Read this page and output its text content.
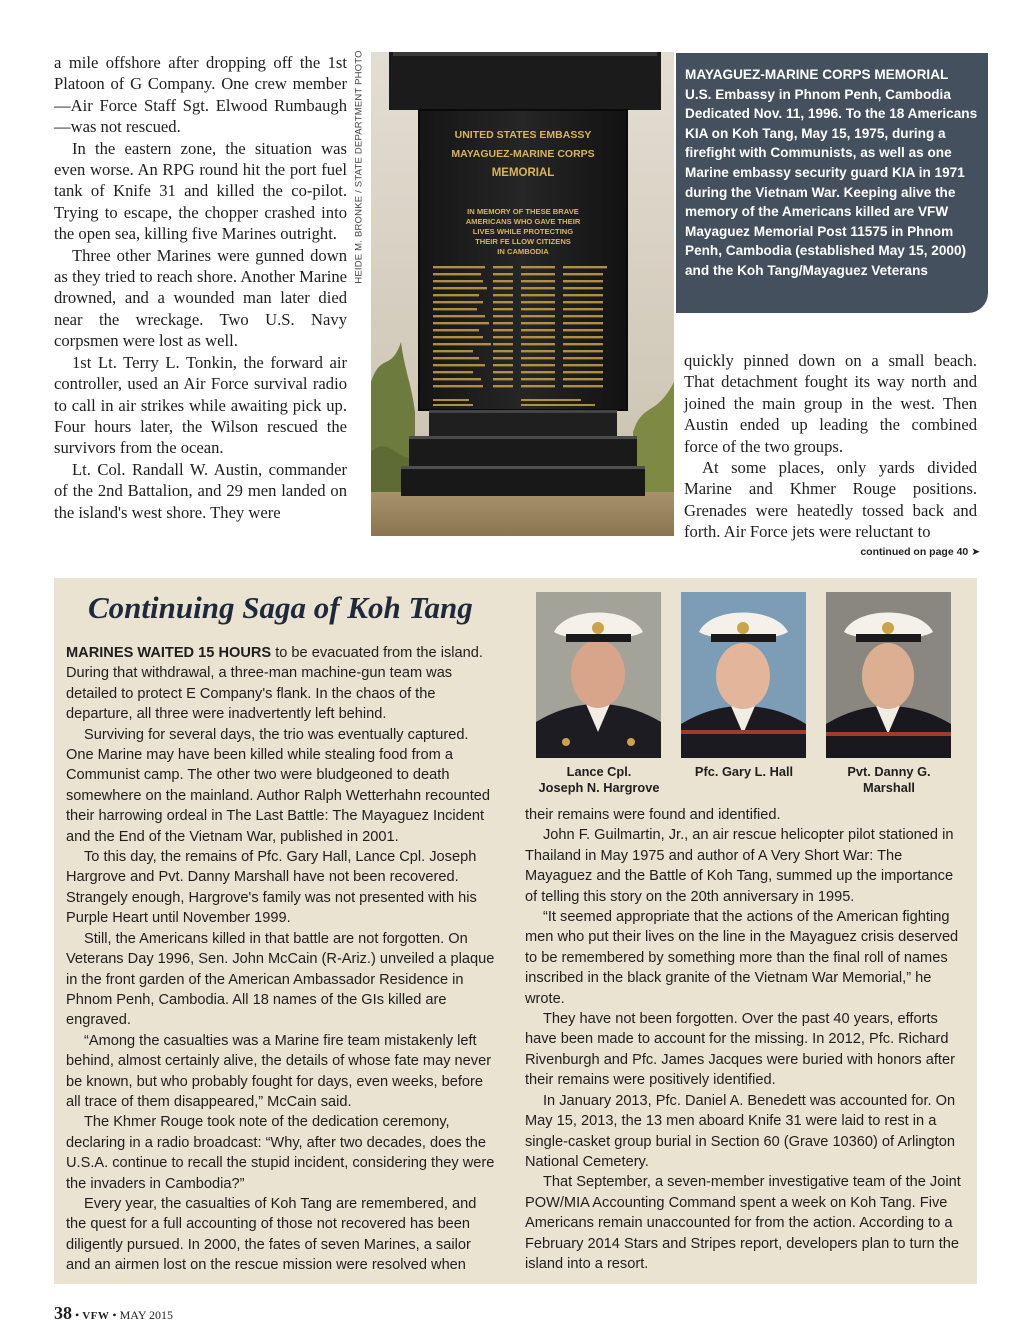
a mile offshore after dropping off the 1st Platoon of G Company. One crew member—Air Force Staff Sgt. Elwood Rumbaugh—was not rescued.

In the eastern zone, the situation was even worse. An RPG round hit the port fuel tank of Knife 31 and killed the co-pilot. Trying to escape, the chopper crashed into the open sea, killing five Marines outright.

Three other Marines were gunned down as they tried to reach shore. Another Marine drowned, and a wounded man later died near the wreckage. Two U.S. Navy corpsmen were lost as well.

1st Lt. Terry L. Tonkin, the forward air controller, used an Air Force survival radio to call in air strikes while awaiting pick up. Four hours later, the Wilson rescued the survivors from the ocean.

Lt. Col. Randall W. Austin, commander of the 2nd Battalion, and 29 men landed on the island's west shore. They were

HEIDE M. BRONKE / STATE DEPARTMENT PHOTO	UNITED STATES EMBASSY
MAYAGUEZ-MARINE CORPS
MEMORIAL
IN MEMORY OF THESE BRAVE
AMERICANS WHO GAVE THEIR
LIVES WHILE PROTECTING
THEIR FE LLOW CITIZENS
IN CAMBODIA

MAYAGUEZ-MARINE CORPS MEMORIAL

U.S. Embassy in Phnom Penh, Cambodia Dedicated Nov. 11, 1996. To the 18 Americans KIA on Koh Tang, May 15, 1975, during a firefight with Communists, as well as one Marine embassy security guard KIA in 1971 during the Vietnam War. Keeping alive the memory of the Americans killed are VFW Mayaguez Memorial Post 11575 in Phnom Penh, Cambodia (established May 15, 2000) and the Koh Tang/Mayaguez Veterans

quickly pinned down on a small beach. That detachment fought its way north and joined the main group in the west. Then Austin ended up leading the combined force of the two groups.

At some places, only yards divided Marine and Khmer Rouge positions. Grenades were heatedly tossed back and forth. Air Force jets were reluctant to

continued on page 40 ➤
Continuing Saga of Koh Tang

MARINES WAITED 15 HOURS to be evacuated from the island. During that withdrawal, a three-man machine-gun team was detailed to protect E Company's flank. In the chaos of the departure, all three were inadvertently left behind.

Surviving for several days, the trio was eventually captured. One Marine may have been killed while stealing food from a Communist camp. The other two were bludgeoned to death somewhere on the mainland. Author Ralph Wetterhahn recounted their harrowing ordeal in The Last Battle: The Mayaguez Incident and the End of the Vietnam War, published in 2001.

To this day, the remains of Pfc. Gary Hall, Lance Cpl. Joseph Hargrove and Pvt. Danny Marshall have not been recovered. Strangely enough, Hargrove's family was not presented with his Purple Heart until November 1999.

Still, the Americans killed in that battle are not forgotten. On Veterans Day 1996, Sen. John McCain (R-Ariz.) unveiled a plaque in the front garden of the American Ambassador Residence in Phnom Penh, Cambodia. All 18 names of the GIs killed are engraved.

“Among the casualties was a Marine fire team mistakenly left behind, almost certainly alive, the details of whose fate may never be known, but who probably fought for days, even weeks, before all trace of them disappeared,” McCain said.

The Khmer Rouge took note of the dedication ceremony, declaring in a radio broadcast: “Why, after two decades, does the U.S.A. continue to recall the stupid incident, considering they were the invaders in Cambodia?”

Every year, the casualties of Koh Tang are remembered, and the quest for a full accounting of those not recovered has been diligently pursued. In 2000, the fates of seven Marines, a sailor and an airmen lost on the rescue mission were resolved when

Lance Cpl.
Joseph N. Hargrove
Pfc. Gary L. Hall	Pvt. Danny G.
Marshall

their remains were found and identified.

John F. Guilmartin, Jr., an air rescue helicopter pilot stationed in Thailand in May 1975 and author of A Very Short War: The Mayaguez and the Battle of Koh Tang, summed up the importance of telling this story on the 20th anniversary in 1995.

“It seemed appropriate that the actions of the American fighting men who put their lives on the line in the Mayaguez crisis deserved to be remembered by something more than the final roll of names inscribed in the black granite of the Vietnam War Memorial,” he wrote.

They have not been forgotten. Over the past 40 years, efforts have been made to account for the missing. In 2012, Pfc. Richard Rivenburgh and Pfc. James Jacques were buried with honors after their remains were positively identified.

In January 2013, Pfc. Daniel A. Benedett was accounted for. On May 15, 2013, the 13 men aboard Knife 31 were laid to rest in a single-casket group burial in Section 60 (Grave 10360) of Arlington National Cemetery.

That September, a seven-member investigative team of the Joint POW/MIA Accounting Command spent a week on Koh Tang. Five Americans remain unaccounted for from the action. According to a February 2014 Stars and Stripes report, developers plan to turn the island into a resort.

38 • VFW • MAY 2015
